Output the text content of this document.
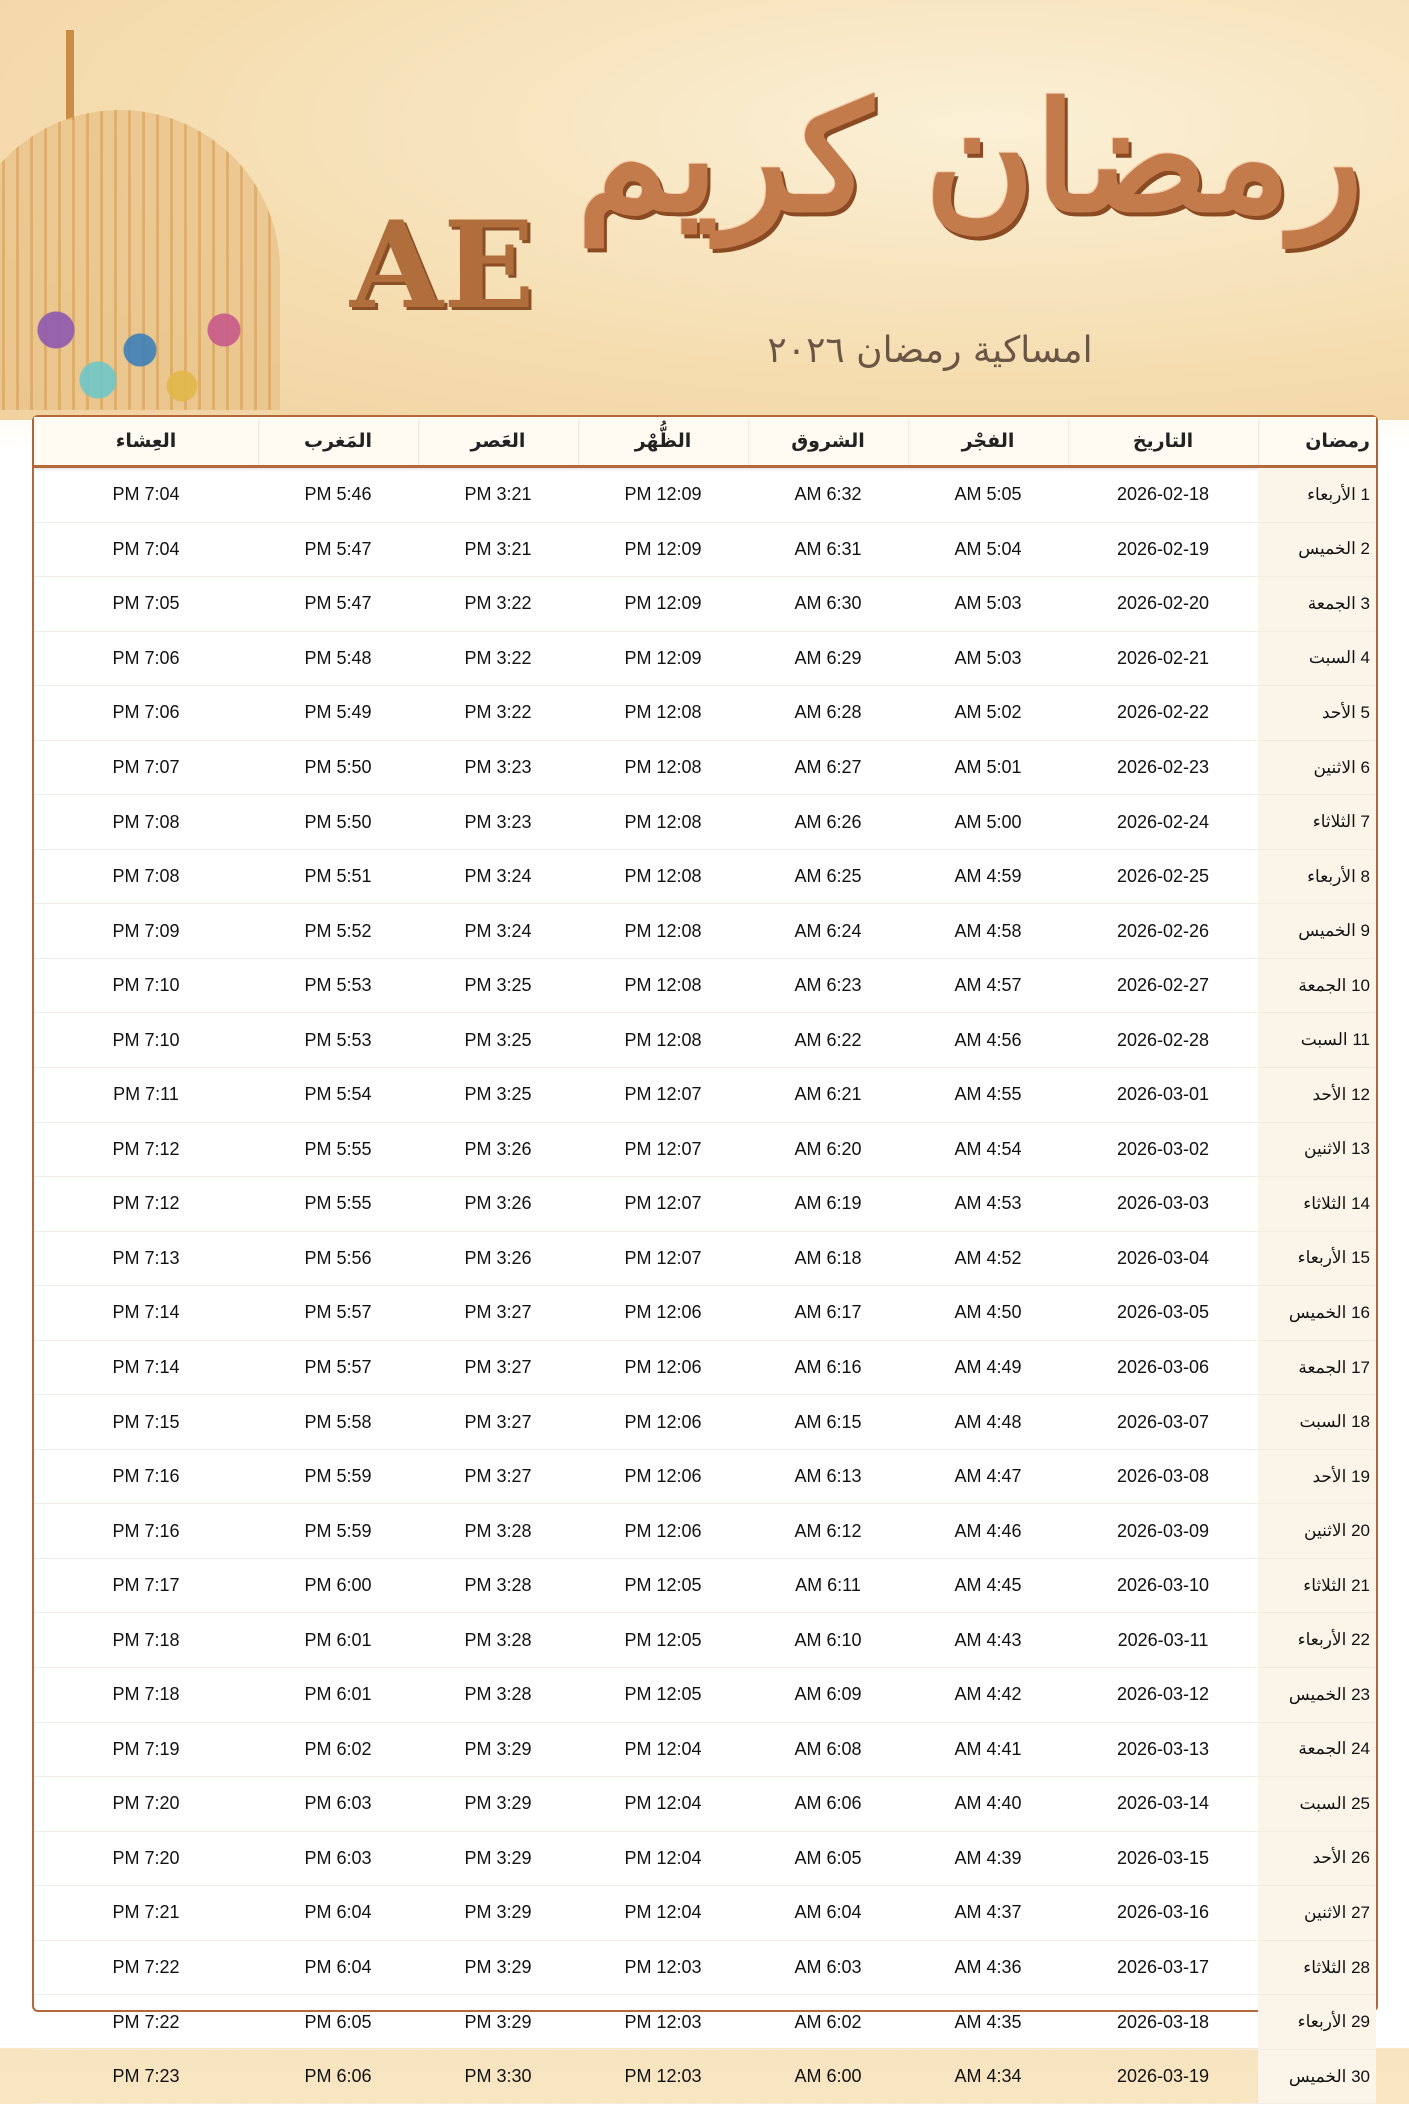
AE
رمضان كريم
امساكية رمضان ٢٠٢٦
رمضان	التاريخ	الفجْر	الشروق	الظُّهْر	العَصر	المَغرب	العِشاء
1 الأربعاء	2026-02-18	AM 5:05	AM 6:32	PM 12:09	PM 3:21	PM 5:46	PM 7:04
2 الخميس	2026-02-19	AM 5:04	AM 6:31	PM 12:09	PM 3:21	PM 5:47	PM 7:04
3 الجمعة	2026-02-20	AM 5:03	AM 6:30	PM 12:09	PM 3:22	PM 5:47	PM 7:05
4 السبت	2026-02-21	AM 5:03	AM 6:29	PM 12:09	PM 3:22	PM 5:48	PM 7:06
5 الأحد	2026-02-22	AM 5:02	AM 6:28	PM 12:08	PM 3:22	PM 5:49	PM 7:06
6 الاثنين	2026-02-23	AM 5:01	AM 6:27	PM 12:08	PM 3:23	PM 5:50	PM 7:07
7 الثلاثاء	2026-02-24	AM 5:00	AM 6:26	PM 12:08	PM 3:23	PM 5:50	PM 7:08
8 الأربعاء	2026-02-25	AM 4:59	AM 6:25	PM 12:08	PM 3:24	PM 5:51	PM 7:08
9 الخميس	2026-02-26	AM 4:58	AM 6:24	PM 12:08	PM 3:24	PM 5:52	PM 7:09
10 الجمعة	2026-02-27	AM 4:57	AM 6:23	PM 12:08	PM 3:25	PM 5:53	PM 7:10
11 السبت	2026-02-28	AM 4:56	AM 6:22	PM 12:08	PM 3:25	PM 5:53	PM 7:10
12 الأحد	2026-03-01	AM 4:55	AM 6:21	PM 12:07	PM 3:25	PM 5:54	PM 7:11
13 الاثنين	2026-03-02	AM 4:54	AM 6:20	PM 12:07	PM 3:26	PM 5:55	PM 7:12
14 الثلاثاء	2026-03-03	AM 4:53	AM 6:19	PM 12:07	PM 3:26	PM 5:55	PM 7:12
15 الأربعاء	2026-03-04	AM 4:52	AM 6:18	PM 12:07	PM 3:26	PM 5:56	PM 7:13
16 الخميس	2026-03-05	AM 4:50	AM 6:17	PM 12:06	PM 3:27	PM 5:57	PM 7:14
17 الجمعة	2026-03-06	AM 4:49	AM 6:16	PM 12:06	PM 3:27	PM 5:57	PM 7:14
18 السبت	2026-03-07	AM 4:48	AM 6:15	PM 12:06	PM 3:27	PM 5:58	PM 7:15
19 الأحد	2026-03-08	AM 4:47	AM 6:13	PM 12:06	PM 3:27	PM 5:59	PM 7:16
20 الاثنين	2026-03-09	AM 4:46	AM 6:12	PM 12:06	PM 3:28	PM 5:59	PM 7:16
21 الثلاثاء	2026-03-10	AM 4:45	AM 6:11	PM 12:05	PM 3:28	PM 6:00	PM 7:17
22 الأربعاء	2026-03-11	AM 4:43	AM 6:10	PM 12:05	PM 3:28	PM 6:01	PM 7:18
23 الخميس	2026-03-12	AM 4:42	AM 6:09	PM 12:05	PM 3:28	PM 6:01	PM 7:18
24 الجمعة	2026-03-13	AM 4:41	AM 6:08	PM 12:04	PM 3:29	PM 6:02	PM 7:19
25 السبت	2026-03-14	AM 4:40	AM 6:06	PM 12:04	PM 3:29	PM 6:03	PM 7:20
26 الأحد	2026-03-15	AM 4:39	AM 6:05	PM 12:04	PM 3:29	PM 6:03	PM 7:20
27 الاثنين	2026-03-16	AM 4:37	AM 6:04	PM 12:04	PM 3:29	PM 6:04	PM 7:21
28 الثلاثاء	2026-03-17	AM 4:36	AM 6:03	PM 12:03	PM 3:29	PM 6:04	PM 7:22
29 الأربعاء	2026-03-18	AM 4:35	AM 6:02	PM 12:03	PM 3:29	PM 6:05	PM 7:22
30 الخميس	2026-03-19	AM 4:34	AM 6:00	PM 12:03	PM 3:30	PM 6:06	PM 7:23
